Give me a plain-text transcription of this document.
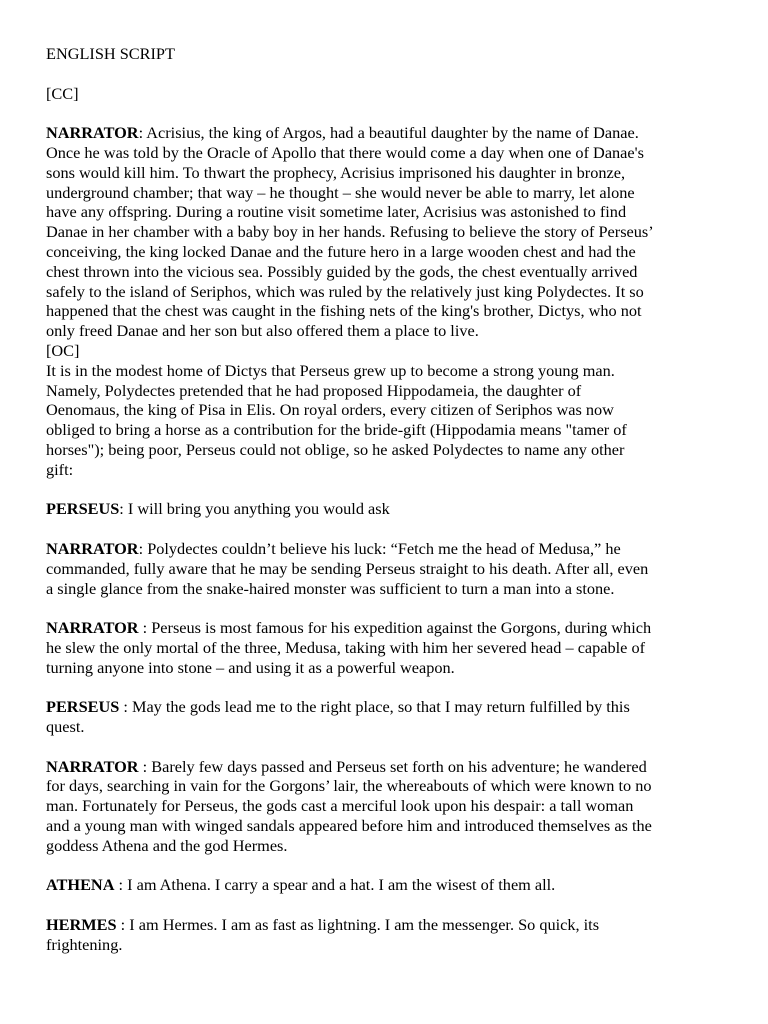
ENGLISH SCRIPT
[CC]
NARRATOR: Acrisius, the king of Argos, had a beautiful daughter by the name of Danae.
Once he was told by the Oracle of Apollo that there would come a day when one of Danae's
sons would kill him. To thwart the prophecy, Acrisius imprisoned his daughter in bronze,
underground chamber; that way – he thought – she would never be able to marry, let alone
have any offspring. During a routine visit sometime later, Acrisius was astonished to find
Danae in her chamber with a baby boy in her hands. Refusing to believe the story of Perseus’
conceiving, the king locked Danae and the future hero in a large wooden chest and had the
chest thrown into the vicious sea. Possibly guided by the gods, the chest eventually arrived
safely to the island of Seriphos, which was ruled by the relatively just king Polydectes. It so
happened that the chest was caught in the fishing nets of the king's brother, Dictys, who not
only freed Danae and her son but also offered them a place to live.
[OC]
It is in the modest home of Dictys that Perseus grew up to become a strong young man.
Namely, Polydectes pretended that he had proposed Hippodameia, the daughter of
Oenomaus, the king of Pisa in Elis. On royal orders, every citizen of Seriphos was now
obliged to bring a horse as a contribution for the bride-gift (Hippodamia means "tamer of
horses"); being poor, Perseus could not oblige, so he asked Polydectes to name any other
gift:
PERSEUS: I will bring you anything you would ask
NARRATOR: Polydectes couldn’t believe his luck: “Fetch me the head of Medusa,” he
commanded, fully aware that he may be sending Perseus straight to his death. After all, even
a single glance from the snake-haired monster was sufficient to turn a man into a stone.
NARRATOR : Perseus is most famous for his expedition against the Gorgons, during which
he slew the only mortal of the three, Medusa, taking with him her severed head – capable of
turning anyone into stone – and using it as a powerful weapon.
PERSEUS : May the gods lead me to the right place, so that I may return fulfilled by this
quest.
NARRATOR : Barely few days passed and Perseus set forth on his adventure; he wandered
for days, searching in vain for the Gorgons’ lair, the whereabouts of which were known to no
man. Fortunately for Perseus, the gods cast a merciful look upon his despair: a tall woman
and a young man with winged sandals appeared before him and introduced themselves as the
goddess Athena and the god Hermes.
ATHENA : I am Athena. I carry a spear and a hat. I am the wisest of them all.
HERMES : I am Hermes. I am as fast as lightning. I am the messenger. So quick, its
frightening.
